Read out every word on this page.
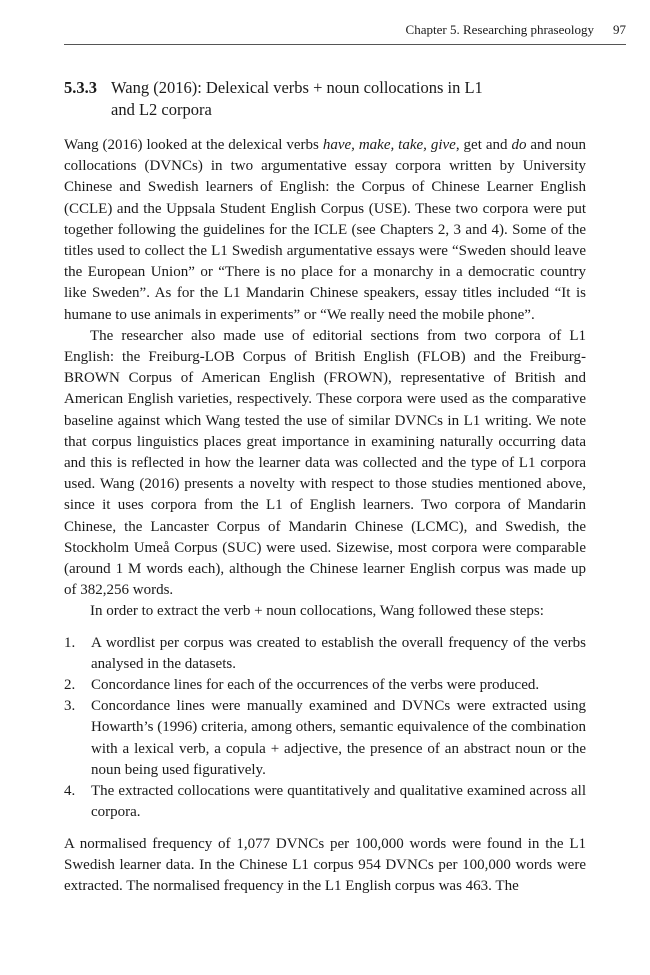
Chapter 5. Researching phraseology 97
5.3.3 Wang (2016): Delexical verbs + noun collocations in L1
and L2 corpora

Wang (2016) looked at the delexical verbs have, make, take, give, get and do and noun collocations (DVNCs) in two argumentative essay corpora written by University Chinese and Swedish learners of English: the Corpus of Chinese Learner English (CCLE) and the Uppsala Student English Corpus (USE). These two corpora were put together following the guidelines for the ICLE (see Chapters 2, 3 and 4). Some of the titles used to collect the L1 Swedish argumentative essays were “Sweden should leave the European Union” or “There is no place for a monarchy in a democratic country like Sweden”. As for the L1 Mandarin Chinese speakers, essay titles included “It is humane to use animals in experiments” or “We really need the mobile phone”.

The researcher also made use of editorial sections from two corpora of L1 English: the Freiburg-LOB Corpus of British English (FLOB) and the Freiburg-BROWN Corpus of American English (FROWN), representative of British and American English varieties, respectively. These corpora were used as the comparative baseline against which Wang tested the use of similar DVNCs in L1 writing. We note that corpus linguistics places great importance in examining naturally occurring data and this is reflected in how the learner data was collected and the type of L1 corpora used. Wang (2016) presents a novelty with respect to those studies mentioned above, since it uses corpora from the L1 of English learners. Two corpora of Mandarin Chinese, the Lancaster Corpus of Mandarin Chinese (LCMC), and Swedish, the Stockholm Umeå Corpus (SUC) were used. Sizewise, most corpora were comparable (around 1 M words each), although the Chinese learner English corpus was made up of 382,256 words.

In order to extract the verb + noun collocations, Wang followed these steps:

1. A wordlist per corpus was created to establish the overall frequency of the verbs analysed in the datasets.
2. Concordance lines for each of the occurrences of the verbs were produced.
3. Concordance lines were manually examined and DVNCs were extracted using Howarth’s (1996) criteria, among others, semantic equivalence of the combination with a lexical verb, a copula + adjective, the presence of an abstract noun or the noun being used figuratively.
4. The extracted collocations were quantitatively and qualitative examined across all corpora.

A normalised frequency of 1,077 DVNCs per 100,000 words were found in the L1 Swedish learner data. In the Chinese L1 corpus 954 DVNCs per 100,000 words were extracted. The normalised frequency in the L1 English corpus was 463. The
